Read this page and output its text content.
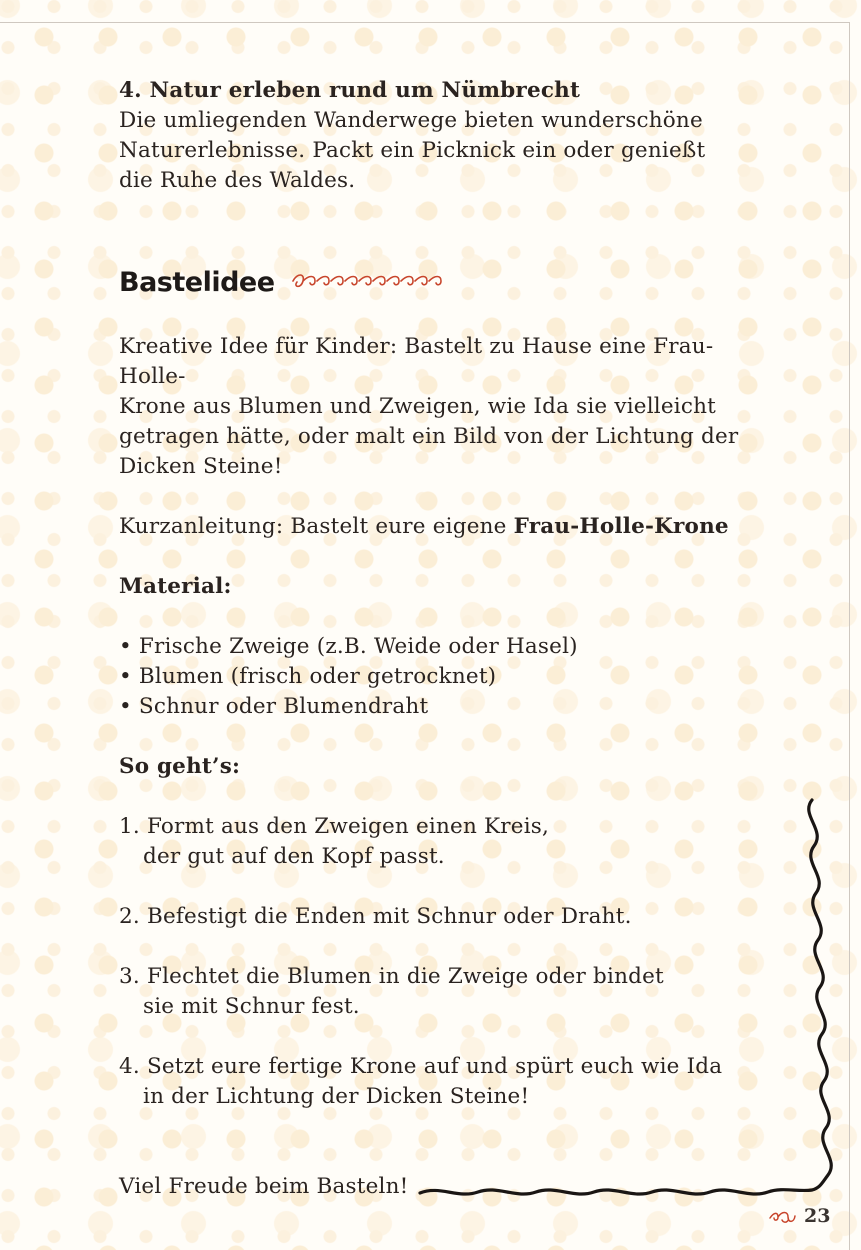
4. Natur erleben rund um Nümbrecht

Die umliegenden Wanderwege bieten wunderschöne

Naturerlebnisse. Packt ein Picknick ein oder genießt

die Ruhe des Waldes.

Bastelidee

Kreative Idee für Kinder: Bastelt zu Hause eine Frau-Holle-

Krone aus Blumen und Zweigen, wie Ida sie vielleicht

getragen hätte, oder malt ein Bild von der Lichtung der

Dicken Steine!

Kurzanleitung: Bastelt eure eigene Frau-Holle-Krone

Material:

• Frische Zweige (z.B. Weide oder Hasel)

• Blumen (frisch oder getrocknet)

• Schnur oder Blumendraht

So geht’s:

1. Formt aus den Zweigen einen Kreis,

der gut auf den Kopf passt.

2. Befestigt die Enden mit Schnur oder Draht.

3. Flechtet die Blumen in die Zweige oder bindet

sie mit Schnur fest.

4. Setzt eure fertige Krone auf und spürt euch wie Ida

in der Lichtung der Dicken Steine!

Viel Freude beim Basteln!

23
